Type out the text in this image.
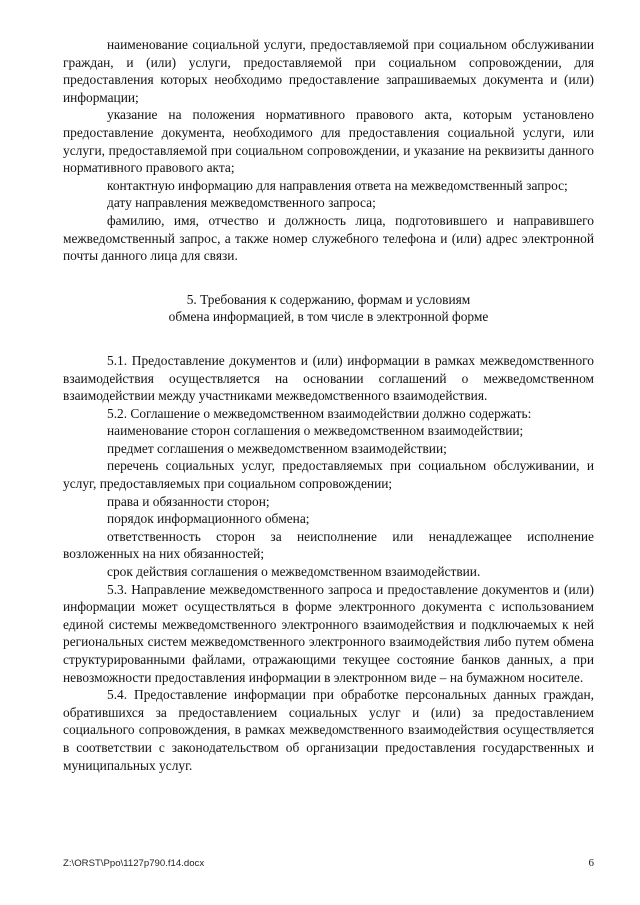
наименование социальной услуги, предоставляемой при социальном обслуживании граждан, и (или) услуги, предоставляемой при социальном сопровождении, для предоставления которых необходимо предоставление запрашиваемых документа и (или) информации;

указание на положения нормативного правового акта, которым установлено предоставление документа, необходимого для предоставления социальной услуги, или услуги, предоставляемой при социальном сопровождении, и указание на реквизиты данного нормативного правового акта;

контактную информацию для направления ответа на межведомственный запрос;

дату направления межведомственного запроса;

фамилию, имя, отчество и должность лица, подготовившего и направившего межведомственный запрос, а также номер служебного телефона и (или) адрес электронной почты данного лица для связи.

5. Требования к содержанию, формам и условиям
обмена информацией, в том числе в электронной форме

5.1. Предоставление документов и (или) информации в рамках межведомственного взаимодействия осуществляется на основании соглашений о межведомственном взаимодействии между участниками межведомственного взаимодействия.

5.2. Соглашение о межведомственном взаимодействии должно содержать:

наименование сторон соглашения о межведомственном взаимодействии;

предмет соглашения о межведомственном взаимодействии;

перечень социальных услуг, предоставляемых при социальном обслуживании, и услуг, предоставляемых при социальном сопровождении;

права и обязанности сторон;

порядок информационного обмена;

ответственность сторон за неисполнение или ненадлежащее исполнение возложенных на них обязанностей;

срок действия соглашения о межведомственном взаимодействии.

5.3. Направление межведомственного запроса и предоставление документов и (или) информации может осуществляться в форме электронного документа с использованием единой системы межведомственного электронного взаимодействия и подключаемых к ней региональных систем межведомственного электронного взаимодействия либо путем обмена структурированными файлами, отражающими текущее состояние банков данных, а при невозможности предоставления информации в электронном виде – на бумажном носителе.

5.4. Предоставление информации при обработке персональных данных граждан, обратившихся за предоставлением социальных услуг и (или) за предоставлением социального сопровождения, в рамках межведомственного взаимодействия осуществляется в соответствии с законодательством об организации предоставления государственных и муниципальных услуг.

Z:\ORST\Ppo\1127p790.f14.docx	6
